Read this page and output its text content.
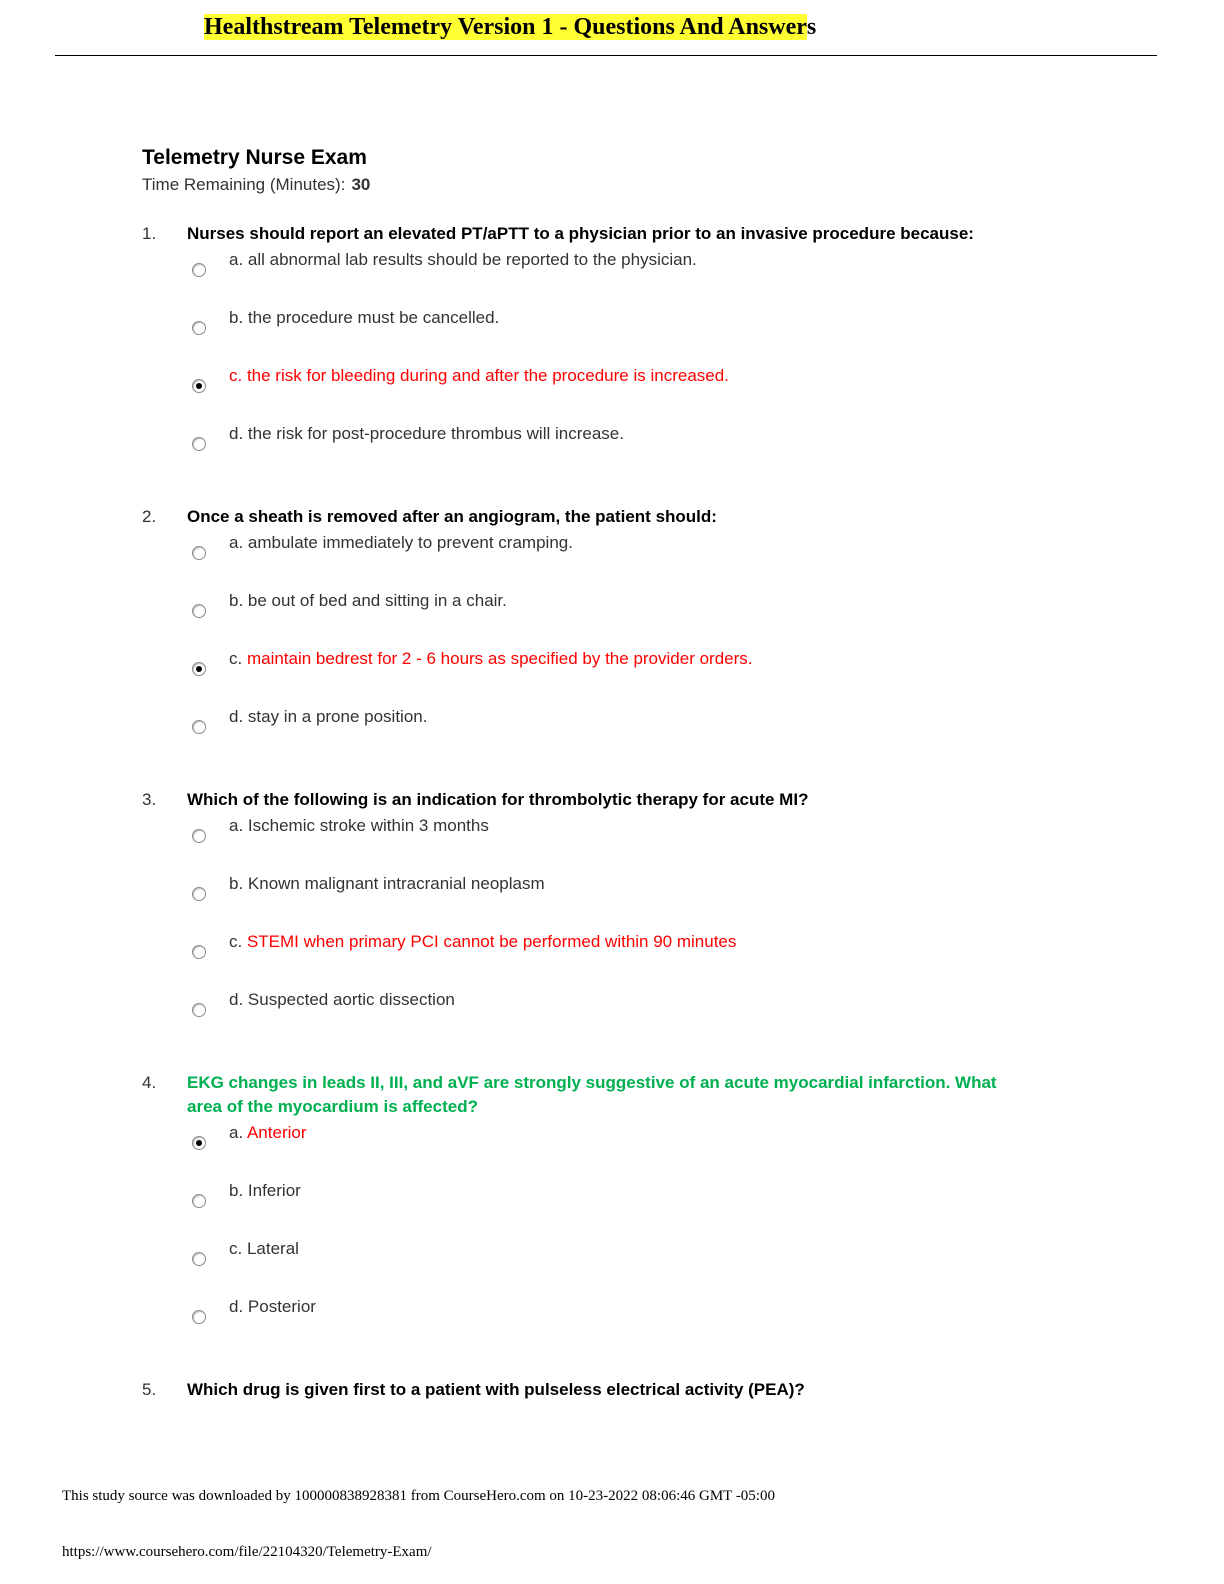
Healthstream Telemetry Version 1 - Questions And Answers
Telemetry Nurse Exam
Time Remaining (Minutes): 30
1. Nurses should report an elevated PT/aPTT to a physician prior to an invasive procedure because:
a. all abnormal lab results should be reported to the physician.
b. the procedure must be cancelled.
c. the risk for bleeding during and after the procedure is increased.
d. the risk for post-procedure thrombus will increase.
2. Once a sheath is removed after an angiogram, the patient should:
a. ambulate immediately to prevent cramping.
b. be out of bed and sitting in a chair.
c. maintain bedrest for 2 - 6 hours as specified by the provider orders.
d. stay in a prone position.
3. Which of the following is an indication for thrombolytic therapy for acute MI?
a. Ischemic stroke within 3 months
b. Known malignant intracranial neoplasm
c. STEMI when primary PCI cannot be performed within 90 minutes
d. Suspected aortic dissection
4. EKG changes in leads II, III, and aVF are strongly suggestive of an acute myocardial infarction. What area of the myocardium is affected?
a. Anterior
b. Inferior
c. Lateral
d. Posterior
5. Which drug is given first to a patient with pulseless electrical activity (PEA)?
This study source was downloaded by 100000838928381 from CourseHero.com on 10-23-2022 08:06:46 GMT -05:00
https://www.coursehero.com/file/22104320/Telemetry-Exam/
